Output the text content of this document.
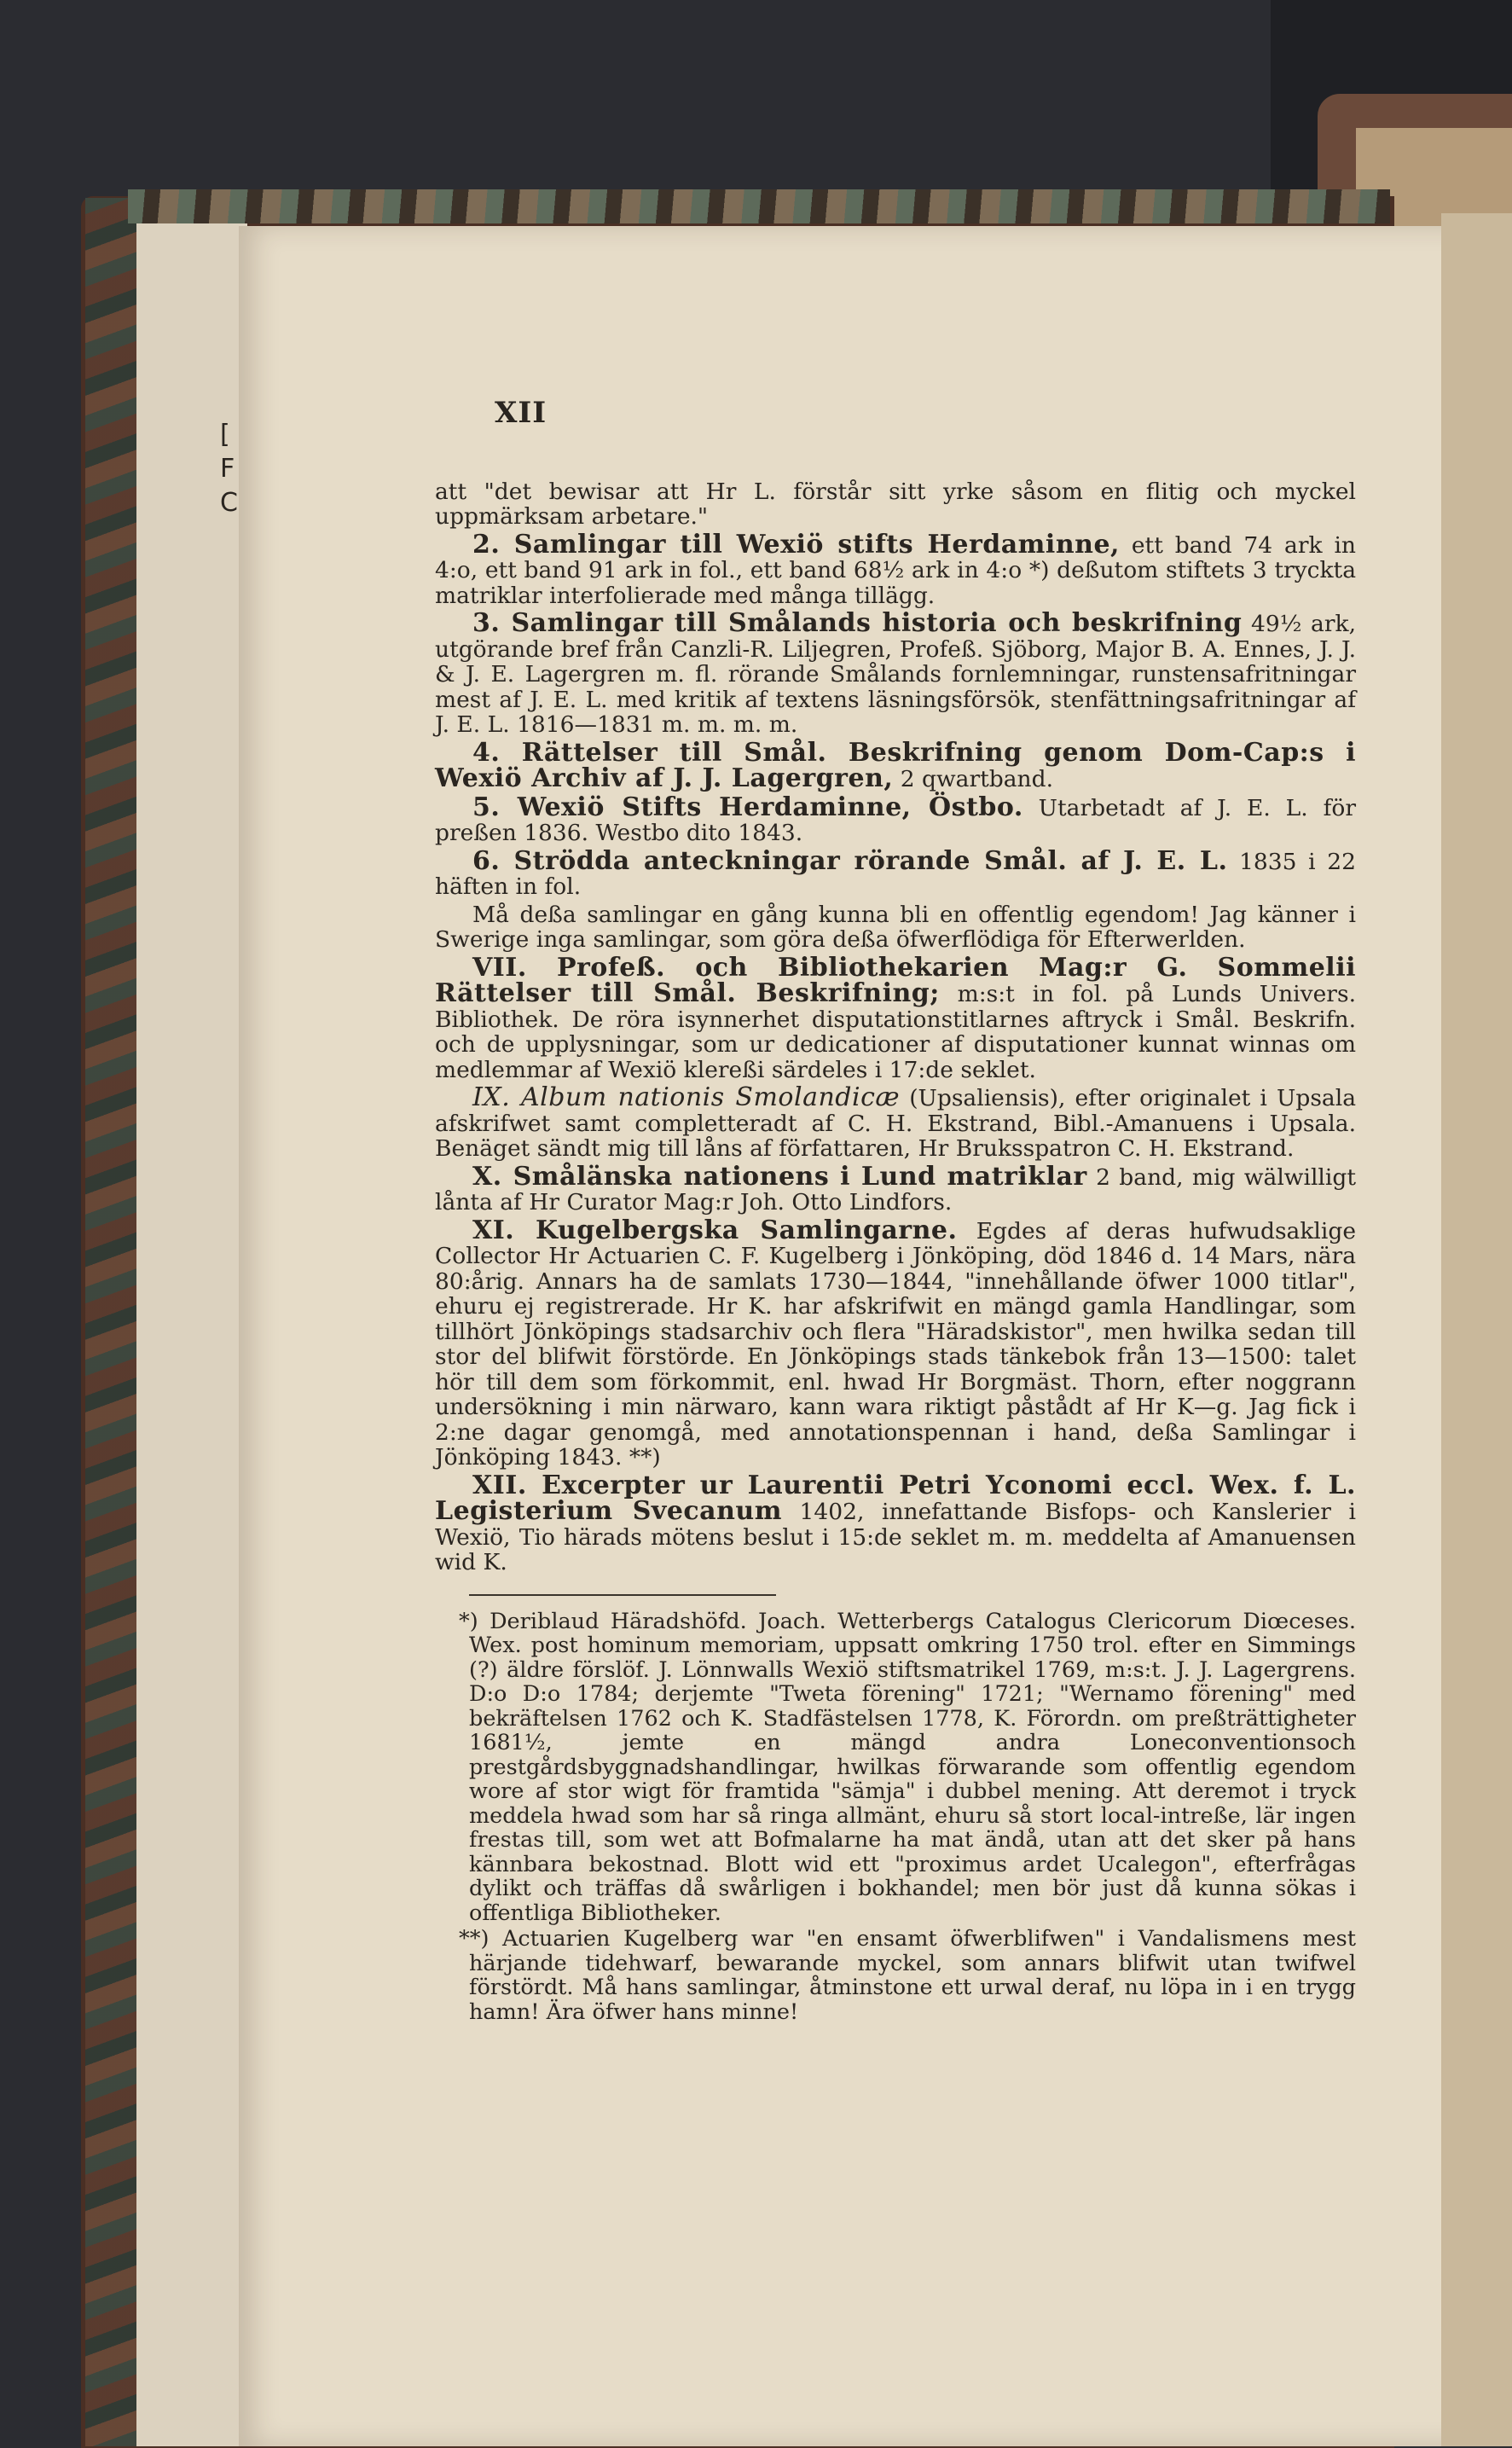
[
F
C
XII

att "det bewisar att Hr L. förstår sitt yrke såsom en flitig och myckel uppmärksam arbetare."

2. Samlingar till Wexiö stifts Herdaminne, ett band 74 ark in 4:o, ett band 91 ark in fol., ett band 68½ ark in 4:o *) deßutom stiftets 3 tryckta matriklar interfolierade med många tillägg.

3. Samlingar till Smålands historia och beskrifning 49½ ark, utgörande bref från Canzli-R. Liljegren, Profeß. Sjöborg, Major B. A. Ennes, J. J. & J. E. Lagergren m. fl. rörande Smålands fornlemningar, runstensafritningar mest af J. E. L. med kritik af textens läsningsförsök, stenfättningsafritningar af J. E. L. 1816—1831 m. m. m. m.

4. Rättelser till Smål. Beskrifning genom Dom-Cap:s i Wexiö Archiv af J. J. Lagergren, 2 qwartband.

5. Wexiö Stifts Herdaminne, Östbo. Utarbetadt af J. E. L. för preßen 1836. Westbo dito 1843.

6. Strödda anteckningar rörande Smål. af J. E. L. 1835 i 22 häften in fol.

Må deßa samlingar en gång kunna bli en offentlig egendom! Jag känner i Swerige inga samlingar, som göra deßa öfwerflödiga för Efterwerlden.

VII. Profeß. och Bibliothekarien Mag:r G. Sommelii Rättelser till Smål. Beskrifning; m:s:t in fol. på Lunds Univers. Bibliothek. De röra isynnerhet disputationstitlarnes aftryck i Smål. Beskrifn. och de upplysningar, som ur dedicationer af disputationer kunnat winnas om medlemmar af Wexiö klereßi särdeles i 17:de seklet.

IX. Album nationis Smolandicæ (Upsaliensis), efter originalet i Upsala afskrifwet samt completteradt af C. H. Ekstrand, Bibl.-Amanuens i Upsala. Benäget sändt mig till låns af författaren, Hr Bruksspatron C. H. Ekstrand.

X. Smålänska nationens i Lund matriklar 2 band, mig wälwilligt lånta af Hr Curator Mag:r Joh. Otto Lindfors.

XI. Kugelbergska Samlingarne. Egdes af deras hufwudsaklige Collector Hr Actuarien C. F. Kugelberg i Jönköping, död 1846 d. 14 Mars, nära 80:årig. Annars ha de samlats 1730—1844, "innehållande öfwer 1000 titlar", ehuru ej registrerade. Hr K. har afskrifwit en mängd gamla Handlingar, som tillhört Jönköpings stadsarchiv och flera "Häradskistor", men hwilka sedan till stor del blifwit förstörde. En Jönköpings stads tänkebok från 13—1500: talet hör till dem som förkommit, enl. hwad Hr Borgmäst. Thorn, efter noggrann undersökning i min närwaro, kann wara riktigt påstådt af Hr K—g. Jag fick i 2:ne dagar genomgå, med annotationspennan i hand, deßa Samlingar i Jönköping 1843. **)

XII. Excerpter ur Laurentii Petri Yconomi eccl. Wex. f. L. Legisterium Svecanum 1402, innefattande Bisfops- och Kanslerier i Wexiö, Tio härads mötens beslut i 15:de seklet m. m. meddelta af Amanuensen wid K.

*) Deriblaud Häradshöfd. Joach. Wetterbergs Catalogus Clericorum Diœceses. Wex. post hominum memoriam, uppsatt omkring 1750 trol. efter en Simmings (?) äldre förslöf. J. Lönnwalls Wexiö stiftsmatrikel 1769, m:s:t. J. J. Lagergrens. D:o D:o 1784; derjemte "Tweta förening" 1721; "Wernamo förening" med bekräftelsen 1762 och K. Stadfästelsen 1778, K. Förordn. om preßträttigheter 1681½, jemte en mängd andra Loneconventionsoch prestgårdsbyggnadshandlingar, hwilkas förwarande som offentlig egendom wore af stor wigt för framtida "sämja" i dubbel mening. Att deremot i tryck meddela hwad som har så ringa allmänt, ehuru så stort local-intreße, lär ingen frestas till, som wet att Bofmalarne ha mat ändå, utan att det sker på hans kännbara bekostnad. Blott wid ett "proximus ardet Ucalegon", efterfrågas dylikt och träffas då swårligen i bokhandel; men bör just då kunna sökas i offentliga Bibliotheker.

**) Actuarien Kugelberg war "en ensamt öfwerblifwen" i Vandalismens mest härjande tidehwarf, bewarande myckel, som annars blifwit utan twifwel förstördt. Må hans samlingar, åtminstone ett urwal deraf, nu löpa in i en trygg hamn! Ära öfwer hans minne!
